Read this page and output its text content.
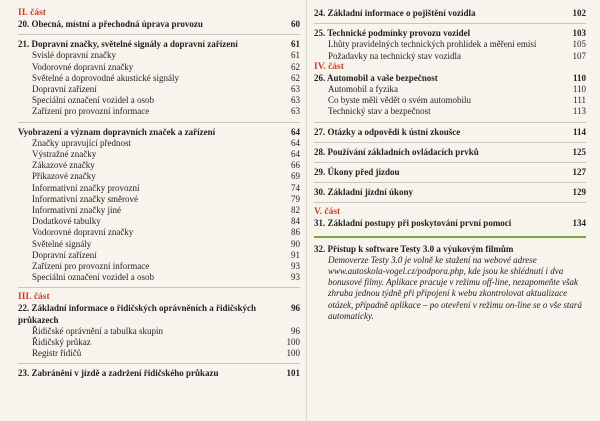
II. část
20. Obecná, místní a přechodná úprava provozu	60
21. Dopravní značky, světelné signály a dopravní zařízení	61
Svislé dopravní značky	61
Vodorovné dopravní značky	62
Světelné a doprovodné akustické signály	62
Dopravní zařízení	63
Speciální označení vozidel a osob	63
Zařízení pro provozní informace	63
Vyobrazení a význam dopravních značek a zařízení	64
Značky upravující přednost	64
Výstražné značky	64
Zákazové značky	66
Příkazové značky	69
Informativní značky provozní	74
Informativní značky směrové	79
Informativní značky jiné	82
Dodatkové tabulky	84
Vodorovné dopravní značky	86
Světelné signály	90
Dopravní zařízení	91
Zařízení pro provozní informace	93
Speciální označení vozidel a osob	93
III. část
22. Základní informace o řidičských oprávněních a řidičských průkazech
96
Řidičské oprávnění a tabulka skupin	96
Řidičský průkaz	100
Registr řidičů	100
23. Zabránění v jízdě a zadržení řidičského průkazu	101
24. Základní informace o pojištění vozidla	102
25. Technické podmínky provozu vozidel	103
Lhůty pravidelných technických prohlídek a měření emisí	105
Požadavky na technický stav vozidla	107
IV. část
26. Automobil a vaše bezpečnost	110
Automobil a fyzika	110
Co byste měli vědět o svém automobilu	111
Technický stav a bezpečnost	113
27. Otázky a odpovědi k ústní zkoušce	114
28. Používání základních ovládacích prvků	125
29. Úkony před jízdou	127
30. Základní jízdní úkony	129
V. část
31. Základní postupy při poskytování první pomoci	134
32. Přístup k software Testy 3.0 a výukovým filmům
Demoverze Testy 3.0 je volně ke stažení na webové adrese www.autoskola-vogel.cz/podpora.php, kde jsou ke shlédnutí i dva bonusové filmy. Aplikace pracuje v režimu off-line, nezapomeňte však zhruba jednou týdně při připojení k webu zkontrolovat aktualizace otázek, případně aplikace – po otevření v režimu on-line se o vše stará automaticky.
